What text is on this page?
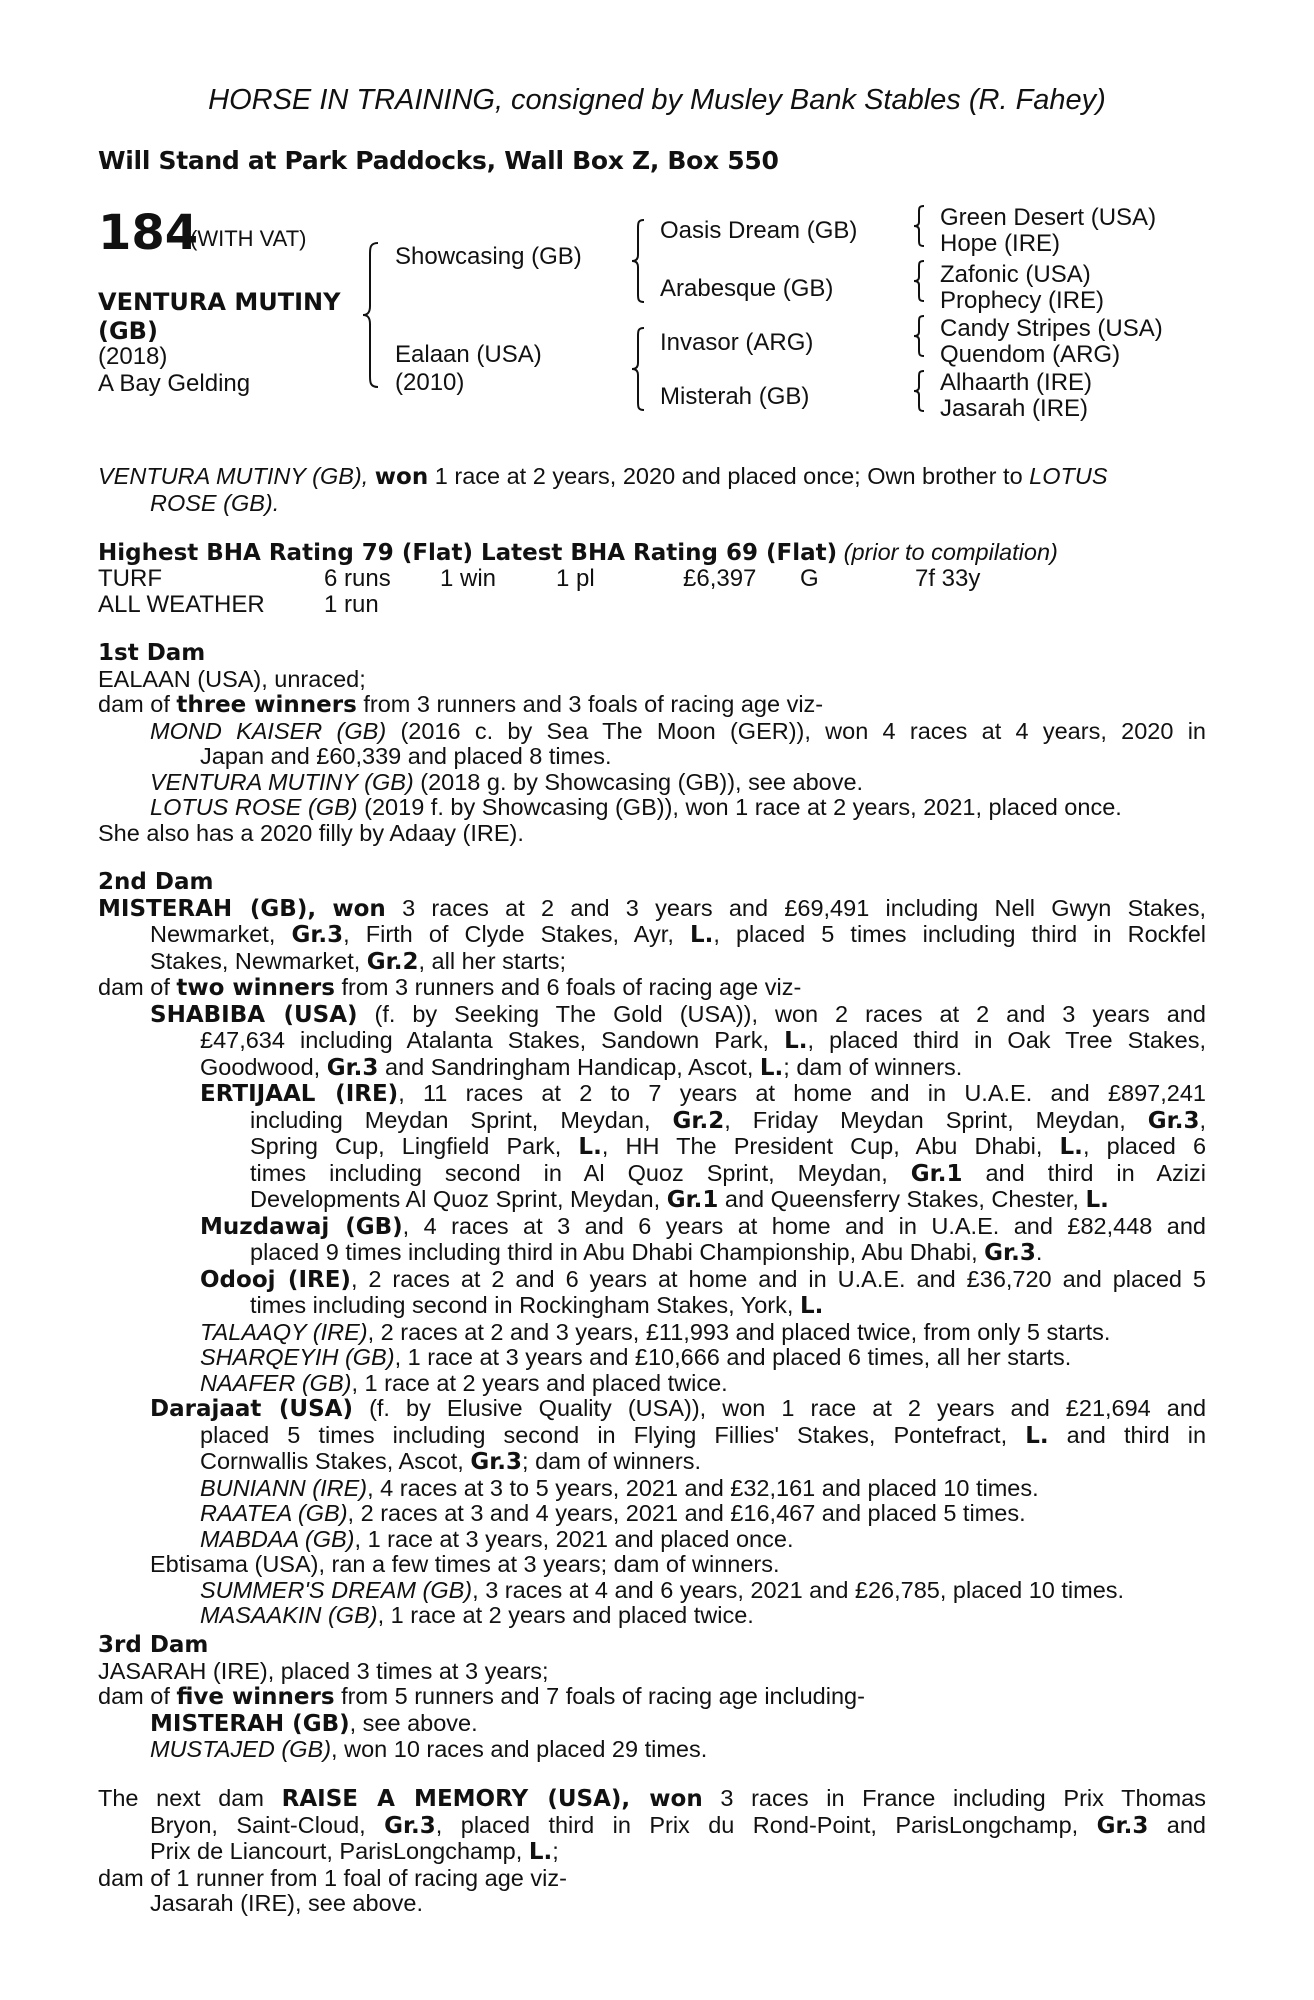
HORSE IN TRAINING, consigned by Musley Bank Stables (R. Fahey)
Will Stand at Park Paddocks, Wall Box Z, Box 550
184
(WITH VAT)
VENTURA MUTINY
(GB)
(2018)
A Bay Gelding
Showcasing (GB)
Ealaan (USA)
(2010)
Oasis Dream (GB)
Arabesque (GB)
Invasor (ARG)
Misterah (GB)
Green Desert (USA)
Hope (IRE)
Zafonic (USA)
Prophecy (IRE)
Candy Stripes (USA)
Quendom (ARG)
Alhaarth (IRE)
Jasarah (IRE)
VENTURA MUTINY (GB), won 1 race at 2 years, 2020 and placed once; Own brother to LOTUS
ROSE (GB).
Highest BHA Rating 79 (Flat) Latest BHA Rating 69 (Flat) (prior to compilation)
TURF	6 runs 1 win 1 pl	£6,397 G	7f 33y
ALL WEATHER 1 run
1st Dam
EALAAN (USA), unraced;
dam of three winners from 3 runners and 3 foals of racing age viz-
MOND KAISER (GB) (2016 c. by Sea The Moon (GER)), won 4 races at 4 years, 2020 in
Japan and £60,339 and placed 8 times.
VENTURA MUTINY (GB) (2018 g. by Showcasing (GB)), see above.
LOTUS ROSE (GB) (2019 f. by Showcasing (GB)), won 1 race at 2 years, 2021, placed once.
She also has a 2020 filly by Adaay (IRE).
2nd Dam
MISTERAH (GB), won 3 races at 2 and 3 years and £69,491 including Nell Gwyn Stakes,
Newmarket, Gr.3, Firth of Clyde Stakes, Ayr, L., placed 5 times including third in Rockfel
Stakes, Newmarket, Gr.2, all her starts;
dam of two winners from 3 runners and 6 foals of racing age viz-
SHABIBA (USA) (f. by Seeking The Gold (USA)), won 2 races at 2 and 3 years and
£47,634 including Atalanta Stakes, Sandown Park, L., placed third in Oak Tree Stakes,
Goodwood, Gr.3 and Sandringham Handicap, Ascot, L.; dam of winners.
ERTIJAAL (IRE), 11 races at 2 to 7 years at home and in U.A.E. and £897,241
including Meydan Sprint, Meydan, Gr.2, Friday Meydan Sprint, Meydan, Gr.3,
Spring Cup, Lingfield Park, L., HH The President Cup, Abu Dhabi, L., placed 6
times including second in Al Quoz Sprint, Meydan, Gr.1 and third in Azizi
Developments Al Quoz Sprint, Meydan, Gr.1 and Queensferry Stakes, Chester, L.
Muzdawaj (GB), 4 races at 3 and 6 years at home and in U.A.E. and £82,448 and
placed 9 times including third in Abu Dhabi Championship, Abu Dhabi, Gr.3.
Odooj (IRE), 2 races at 2 and 6 years at home and in U.A.E. and £36,720 and placed 5
times including second in Rockingham Stakes, York, L.
TALAAQY (IRE), 2 races at 2 and 3 years, £11,993 and placed twice, from only 5 starts.
SHARQEYIH (GB), 1 race at 3 years and £10,666 and placed 6 times, all her starts.
NAAFER (GB), 1 race at 2 years and placed twice.
Darajaat (USA) (f. by Elusive Quality (USA)), won 1 race at 2 years and £21,694 and
placed 5 times including second in Flying Fillies' Stakes, Pontefract, L. and third in
Cornwallis Stakes, Ascot, Gr.3; dam of winners.
BUNIANN (IRE), 4 races at 3 to 5 years, 2021 and £32,161 and placed 10 times.
RAATEA (GB), 2 races at 3 and 4 years, 2021 and £16,467 and placed 5 times.
MABDAA (GB), 1 race at 3 years, 2021 and placed once.
Ebtisama (USA), ran a few times at 3 years; dam of winners.
SUMMER'S DREAM (GB), 3 races at 4 and 6 years, 2021 and £26,785, placed 10 times.
MASAAKIN (GB), 1 race at 2 years and placed twice.
3rd Dam
JASARAH (IRE), placed 3 times at 3 years;
dam of five winners from 5 runners and 7 foals of racing age including-
MISTERAH (GB), see above.
MUSTAJED (GB), won 10 races and placed 29 times.
The next dam RAISE A MEMORY (USA), won 3 races in France including Prix Thomas
Bryon, Saint-Cloud, Gr.3, placed third in Prix du Rond-Point, ParisLongchamp, Gr.3 and
Prix de Liancourt, ParisLongchamp, L.;
dam of 1 runner from 1 foal of racing age viz-
Jasarah (IRE), see above.
